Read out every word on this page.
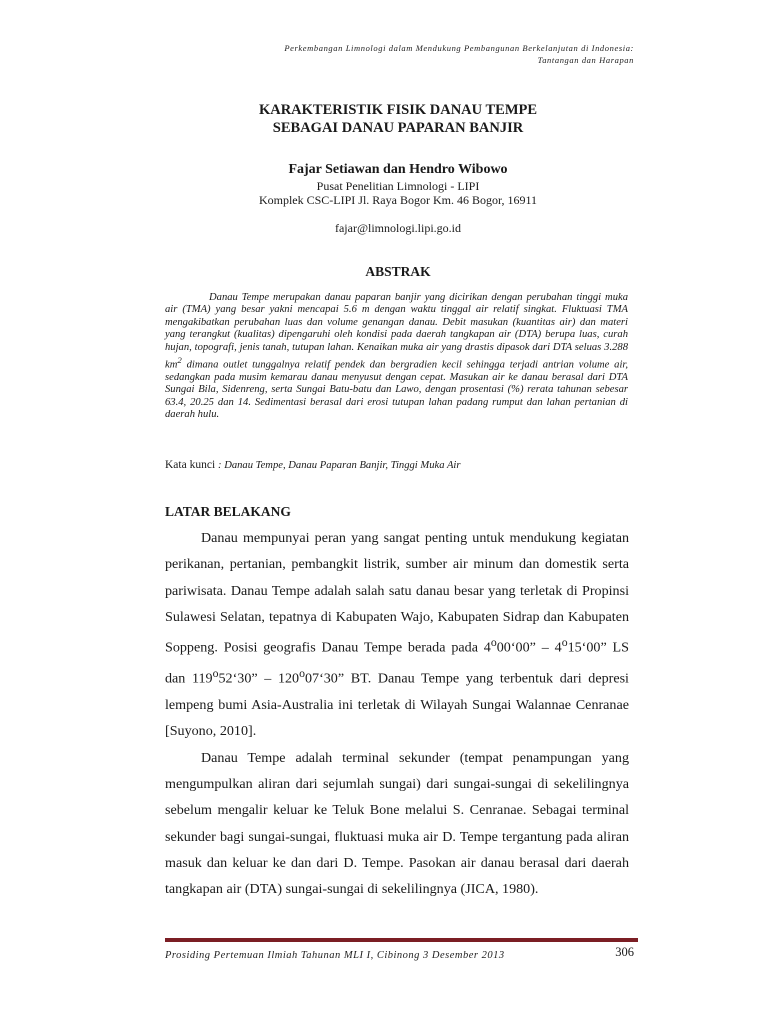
Perkembangan Limnologi dalam Mendukung Pembangunan Berkelanjutan di Indonesia:
Tantangan dan Harapan
KARAKTERISTIK FISIK DANAU TEMPE
SEBAGAI DANAU PAPARAN BANJIR
Fajar Setiawan dan Hendro Wibowo
Pusat Penelitian Limnologi - LIPI
Komplek CSC-LIPI Jl. Raya Bogor Km. 46 Bogor, 16911
fajar@limnologi.lipi.go.id
ABSTRAK

Danau Tempe merupakan danau paparan banjir yang dicirikan dengan perubahan tinggi muka air (TMA) yang besar yakni mencapai 5.6 m dengan waktu tinggal air relatif singkat. Fluktuasi TMA mengakibatkan perubahan luas dan volume genangan danau. Debit masukan (kuantitas air) dan materi yang terangkut (kualitas) dipengaruhi oleh kondisi pada daerah tangkapan air (DTA) berupa luas, curah hujan, topografi, jenis tanah, tutupan lahan. Kenaikan muka air yang drastis dipasok dari DTA seluas 3.288 $km^2$ dimana outlet tunggalnya relatif pendek dan bergradien kecil sehingga terjadi antrian volume air, sedangkan pada musim kemarau danau menyusut dengan cepat. Masukan air ke danau berasal dari DTA Sungai Bila, Sidenreng, serta Sungai Batu-batu dan Lawo, dengan prosentasi (%) rerata tahunan sebesar 63.4, 20.25 dan 14. Sedimentasi berasal dari erosi tutupan lahan padang rumput dan lahan pertanian di daerah hulu.

Kata kunci : Danau Tempe, Danau Paparan Banjir, Tinggi Muka Air
LATAR BELAKANG

Danau mempunyai peran yang sangat penting untuk mendukung kegiatan perikanan, pertanian, pembangkit listrik, sumber air minum dan domestik serta pariwisata. Danau Tempe adalah salah satu danau besar yang terletak di Propinsi Sulawesi Selatan, tepatnya di Kabupaten Wajo, Kabupaten Sidrap dan Kabupaten Soppeng. Posisi geografis Danau Tempe berada pada 4$^o$00‘00” – 4$^o$15‘00” LS dan 119$^o$52‘30” – 120$^o$07‘30” BT. Danau Tempe yang terbentuk dari depresi lempeng bumi Asia-Australia ini terletak di Wilayah Sungai Walannae Cenranae [Suyono, 2010].

Danau Tempe adalah terminal sekunder (tempat penampungan yang mengumpulkan aliran dari sejumlah sungai) dari sungai-sungai di sekelilingnya sebelum mengalir keluar ke Teluk Bone melalui S. Cenranae. Sebagai terminal sekunder bagi sungai-sungai, fluktuasi muka air D. Tempe tergantung pada aliran masuk dan keluar ke dan dari D. Tempe. Pasokan air danau berasal dari daerah tangkapan air (DTA) sungai-sungai di sekelilingnya (JICA, 1980).

Prosiding Pertemuan Ilmiah Tahunan MLI I, Cibinong 3 Desember 2013	306
